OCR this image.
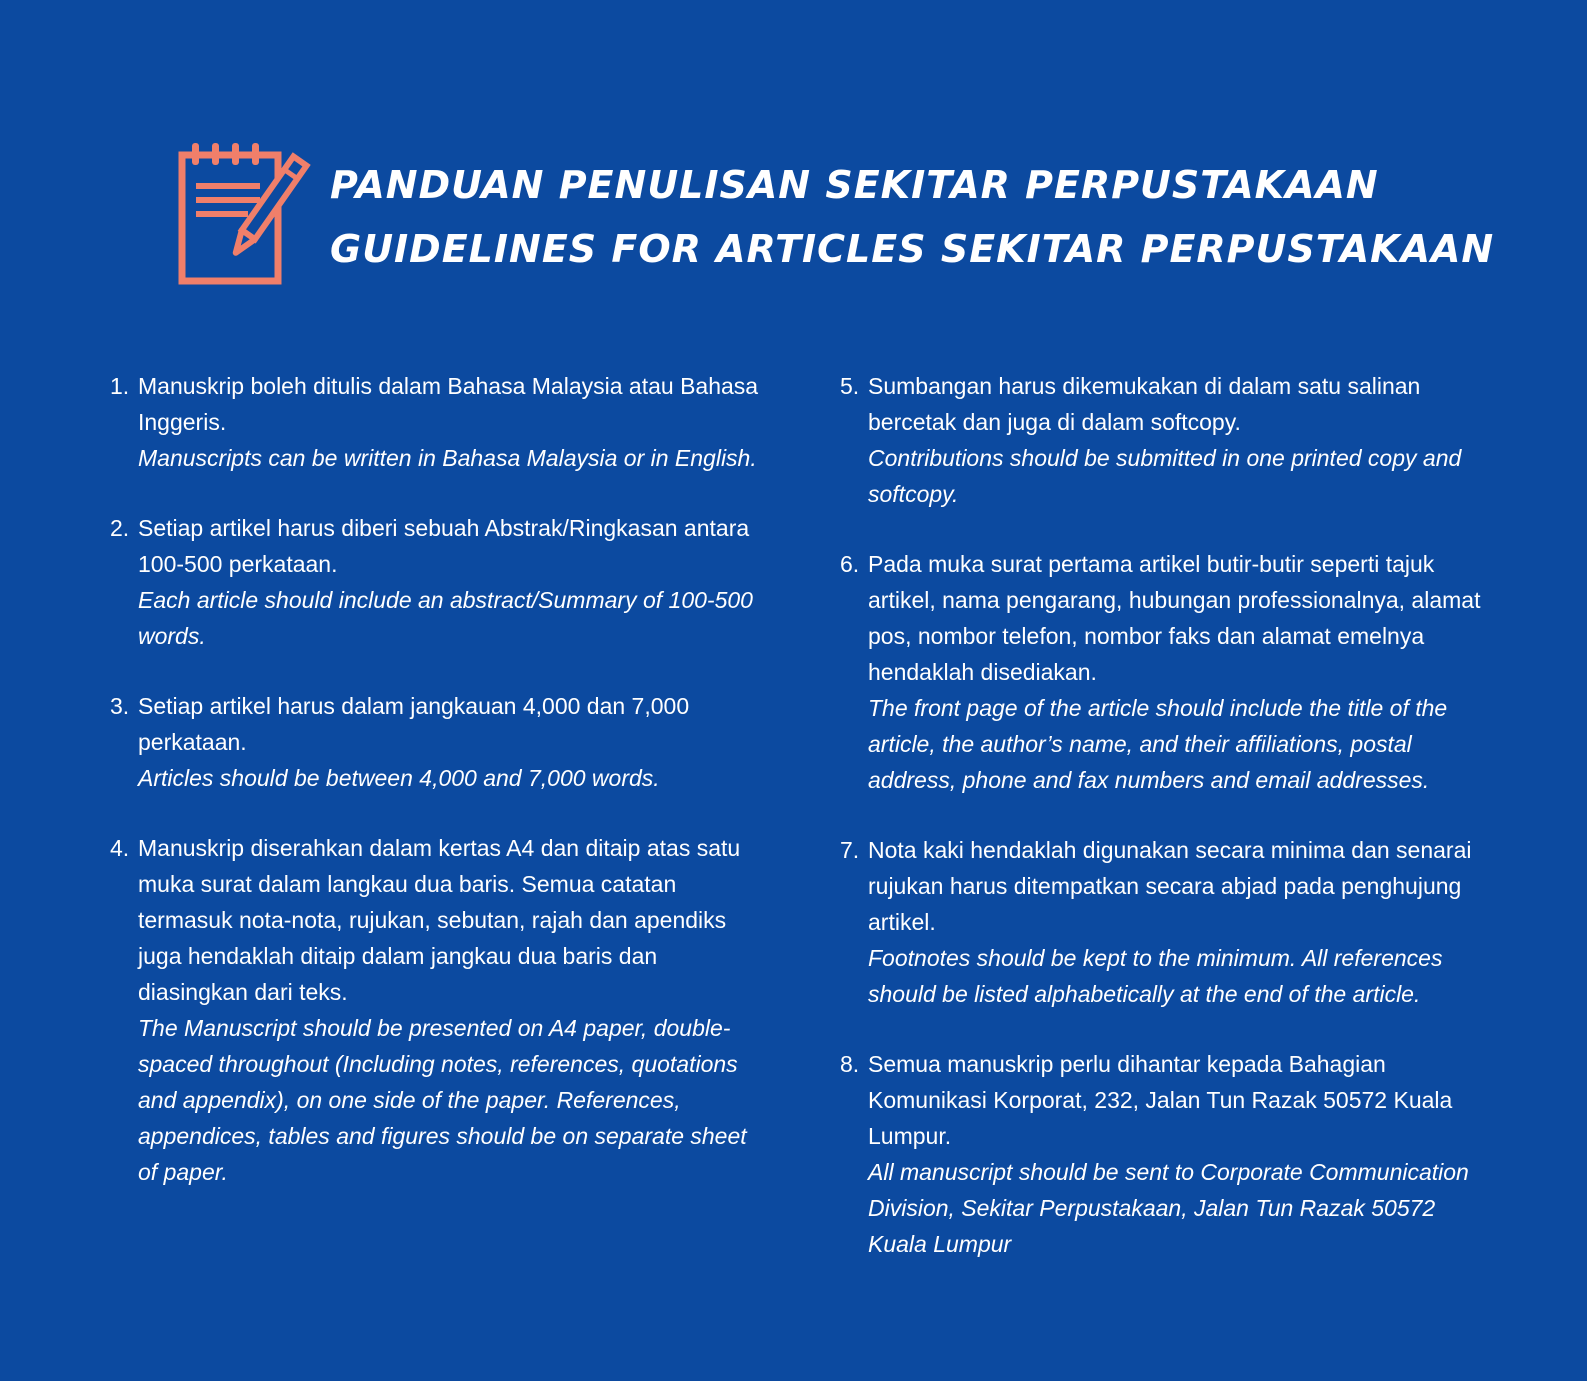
PANDUAN PENULISAN SEKITAR PERPUSTAKAAN
GUIDELINES FOR ARTICLES SEKITAR PERPUSTAKAAN
1. Manuskrip boleh ditulis dalam Bahasa Malaysia atau Bahasa Inggeris.
Manuscripts can be written in Bahasa Malaysia or in English.
2. Setiap artikel harus diberi sebuah Abstrak/Ringkasan antara 100-500 perkataan.
Each article should include an abstract/Summary of 100-500 words.
3. Setiap artikel harus dalam jangkauan 4,000 dan 7,000 perkataan.
Articles should be between 4,000 and 7,000 words.
4. Manuskrip diserahkan dalam kertas A4 dan ditaip atas satu muka surat dalam langkau dua baris. Semua catatan termasuk nota-nota, rujukan, sebutan, rajah dan apendiks juga hendaklah ditaip dalam jangkau dua baris dan diasingkan dari teks.
The Manuscript should be presented on A4 paper, double-spaced throughout (Including notes, references, quotations and appendix), on one side of the paper. References, appendices, tables and figures should be on separate sheet of paper.
5. Sumbangan harus dikemukakan di dalam satu salinan bercetak dan juga di dalam softcopy.
Contributions should be submitted in one printed copy and softcopy.
6. Pada muka surat pertama artikel butir-butir seperti tajuk artikel, nama pengarang, hubungan professionalnya, alamat pos, nombor telefon, nombor faks dan alamat emelnya hendaklah disediakan.
The front page of the article should include the title of the article, the author’s name, and their affiliations, postal address, phone and fax numbers and email addresses.
7. Nota kaki hendaklah digunakan secara minima dan senarai rujukan harus ditempatkan secara abjad pada penghujung artikel.
Footnotes should be kept to the minimum. All references should be listed alphabetically at the end of the article.
8. Semua manuskrip perlu dihantar kepada Bahagian Komunikasi Korporat, 232, Jalan Tun Razak 50572 Kuala Lumpur.
All manuscript should be sent to Corporate Communication Division, Sekitar Perpustakaan, Jalan Tun Razak 50572 Kuala Lumpur
